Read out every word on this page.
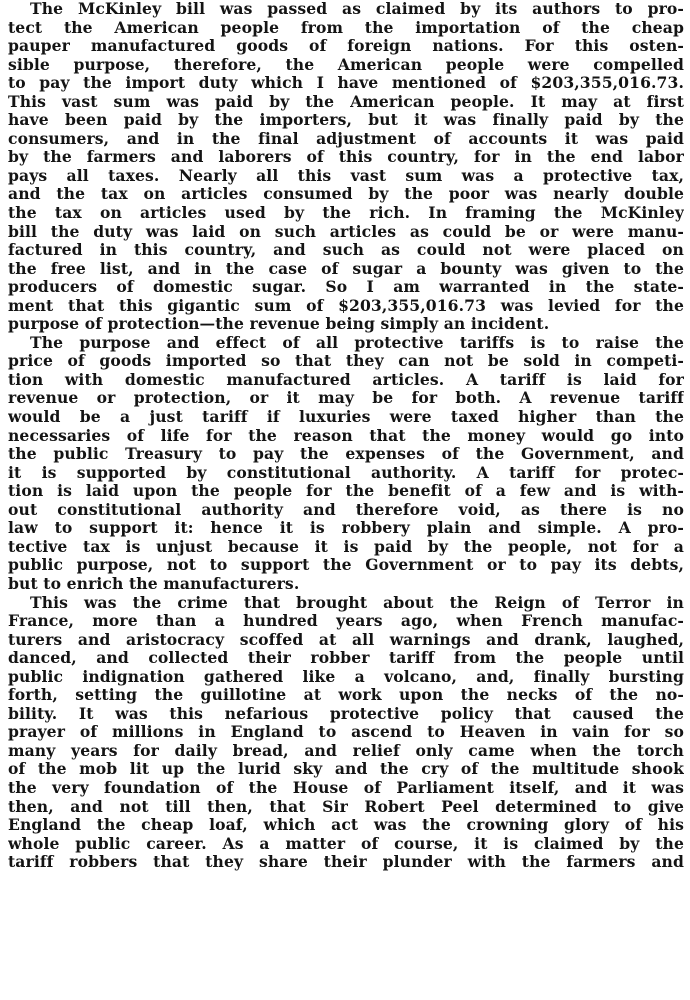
The McKinley bill was passed as claimed by its authors to pro-
tect the American people from the importation of the cheap
pauper manufactured goods of foreign nations. For this osten-
sible purpose, therefore, the American people were compelled
to pay the import duty which I have mentioned of $203,355,016.73.
This vast sum was paid by the American people. It may at first
have been paid by the importers, but it was finally paid by the
consumers, and in the final adjustment of accounts it was paid
by the farmers and laborers of this country, for in the end labor
pays all taxes. Nearly all this vast sum was a protective tax,
and the tax on articles consumed by the poor was nearly double
the tax on articles used by the rich. In framing the McKinley
bill the duty was laid on such articles as could be or were manu-
factured in this country, and such as could not were placed on
the free list, and in the case of sugar a bounty was given to the
producers of domestic sugar. So I am warranted in the state-
ment that this gigantic sum of $203,355,016.73 was levied for the
purpose of protection—the revenue being simply an incident.
The purpose and effect of all protective tariffs is to raise the
price of goods imported so that they can not be sold in competi-
tion with domestic manufactured articles. A tariff is laid for
revenue or protection, or it may be for both. A revenue tariff
would be a just tariff if luxuries were taxed higher than the
necessaries of life for the reason that the money would go into
the public Treasury to pay the expenses of the Government, and
it is supported by constitutional authority. A tariff for protec-
tion is laid upon the people for the benefit of a few and is with-
out constitutional authority and therefore void, as there is no
law to support it: hence it is robbery plain and simple. A pro-
tective tax is unjust because it is paid by the people, not for a
public purpose, not to support the Government or to pay its debts,
but to enrich the manufacturers.
This was the crime that brought about the Reign of Terror in
France, more than a hundred years ago, when French manufac-
turers and aristocracy scoffed at all warnings and drank, laughed,
danced, and collected their robber tariff from the people until
public indignation gathered like a volcano, and, finally bursting
forth, setting the guillotine at work upon the necks of the no-
bility. It was this nefarious protective policy that caused the
prayer of millions in England to ascend to Heaven in vain for so
many years for daily bread, and relief only came when the torch
of the mob lit up the lurid sky and the cry of the multitude shook
the very foundation of the House of Parliament itself, and it was
then, and not till then, that Sir Robert Peel determined to give
England the cheap loaf, which act was the crowning glory of his
whole public career. As a matter of course, it is claimed by the
tariff robbers that they share their plunder with the farmers and
